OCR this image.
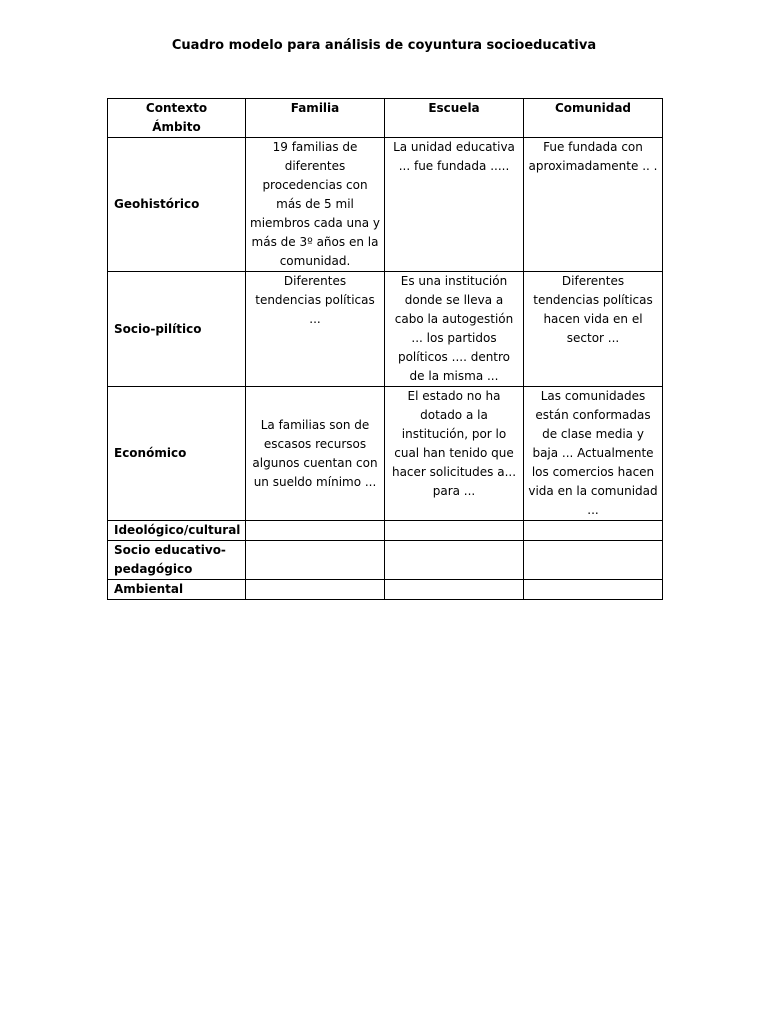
Cuadro modelo para análisis de coyuntura socioeducativa
Contexto
Ámbito	Familia	Escuela	Comunidad
Geohistórico	19 familias de diferentes procedencias con más de 5 mil miembros cada una y más de 3º años en la comunidad.	La unidad educativa ... fue fundada .....	Fue fundada con aproximadamente .. .
Socio-pilítico	Diferentes tendencias políticas ...	Es una institución donde se lleva a cabo la autogestión ... los partidos políticos .... dentro de la misma ...	Diferentes tendencias políticas hacen vida en el sector ...
Económico	La familias son de escasos recursos algunos cuentan con un sueldo mínimo ...	El estado no ha dotado a la institución, por lo cual han tenido que hacer solicitudes a... para ...	Las comunidades están conformadas de clase media y baja ... Actualmente los comercios hacen vida en la comunidad ...
Ideológico/cultural			
Socio educativo-pedagógico			
Ambiental			
